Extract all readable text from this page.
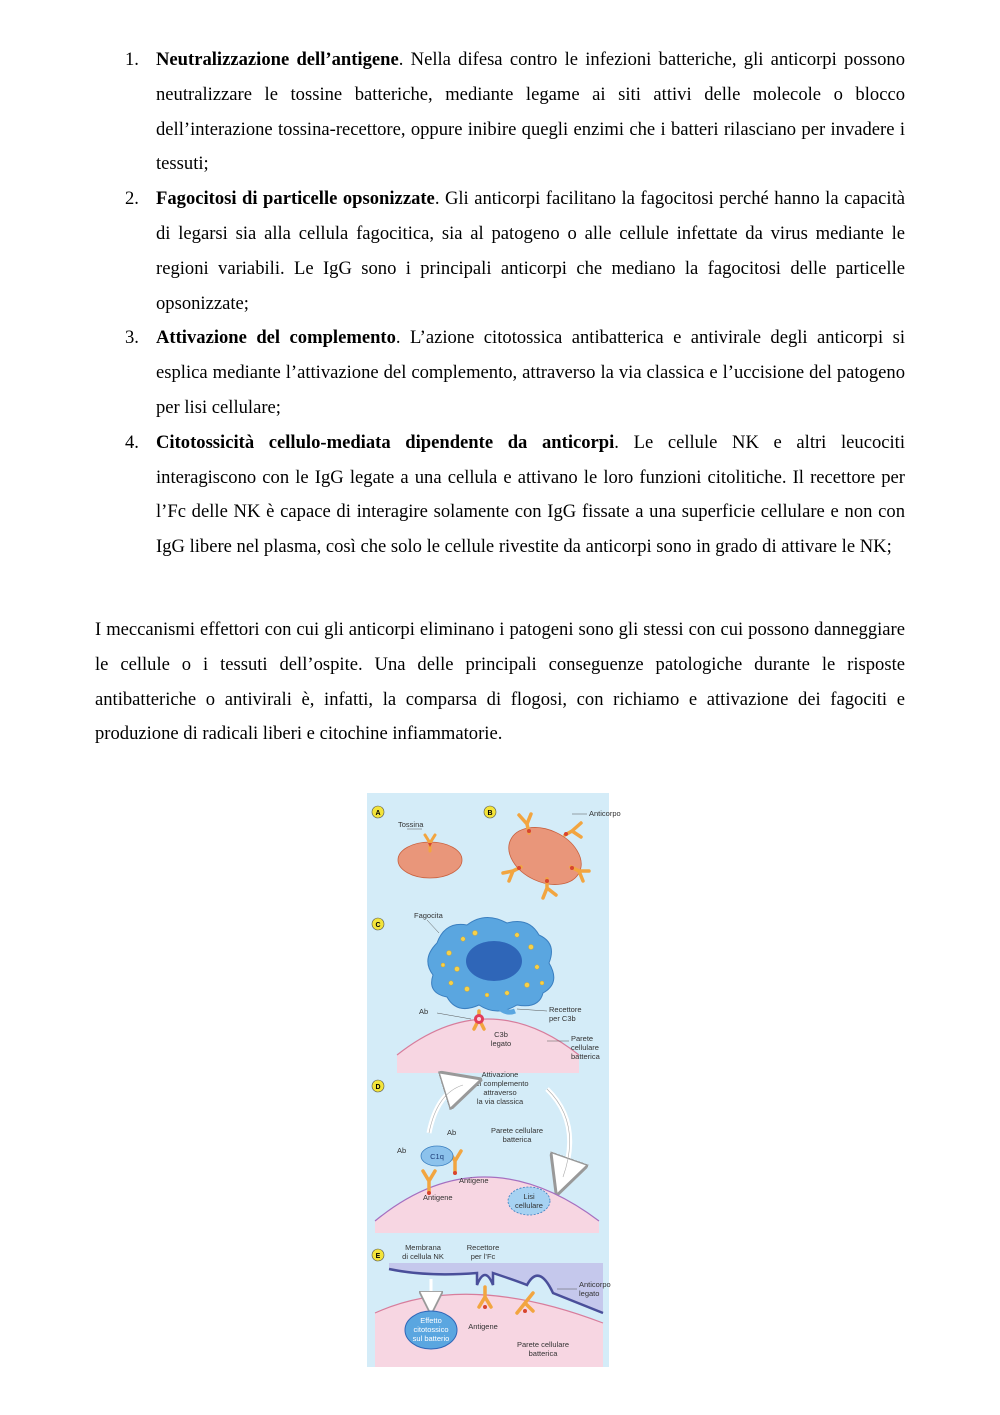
1. Neutralizzazione dell’antigene. Nella difesa contro le infezioni batteriche, gli anticorpi possono neutralizzare le tossine batteriche, mediante legame ai siti attivi delle molecole o blocco dell’interazione tossina-recettore, oppure inibire quegli enzimi che i batteri rilasciano per invadere i tessuti;
2. Fagocitosi di particelle opsonizzate. Gli anticorpi facilitano la fagocitosi perché hanno la capacità di legarsi sia alla cellula fagocitica, sia al patogeno o alle cellule infettate da virus mediante le regioni variabili. Le IgG sono i principali anticorpi che mediano la fagocitosi delle particelle opsonizzate;
3. Attivazione del complemento. L’azione citotossica antibatterica e antivirale degli anticorpi si esplica mediante l’attivazione del complemento, attraverso la via classica e l’uccisione del patogeno per lisi cellulare;
4. Citotossicità cellulo-mediata dipendente da anticorpi. Le cellule NK e altri leucociti interagiscono con le IgG legate a una cellula e attivano le loro funzioni citolitiche. Il recettore per l’Fc delle NK è capace di interagire solamente con IgG fissate a una superficie cellulare e non con IgG libere nel plasma, così che solo le cellule rivestite da anticorpi sono in grado di attivare le NK;

I meccanismi effettori con cui gli anticorpi eliminano i patogeni sono gli stessi con cui possono danneggiare le cellule o i tessuti dell’ospite. Una delle principali conseguenze patologiche durante le risposte antibatteriche o antivirali è, infatti, la comparsa di flogosi, con richiamo e attivazione dei fagociti e produzione di radicali liberi e citochine infiammatorie.

A
Tossina
B	Anticorpo
C
Fagocita
Ab	Recettore
per C3b
C3b
legato
Parete
cellulare
batterica
D
Attivazione
del complemento
attraverso
la via classica
C1q
Ab
Ab	Parete cellulare
batterica
Antigene
Antigene	Lisi
cellulare
E
Membrana
di cellula NK
Recettore
per l’Fc
Anticorpo
legato
Effetto
citotossico
sul batterio
Antigene
Parete cellulare
batterica
